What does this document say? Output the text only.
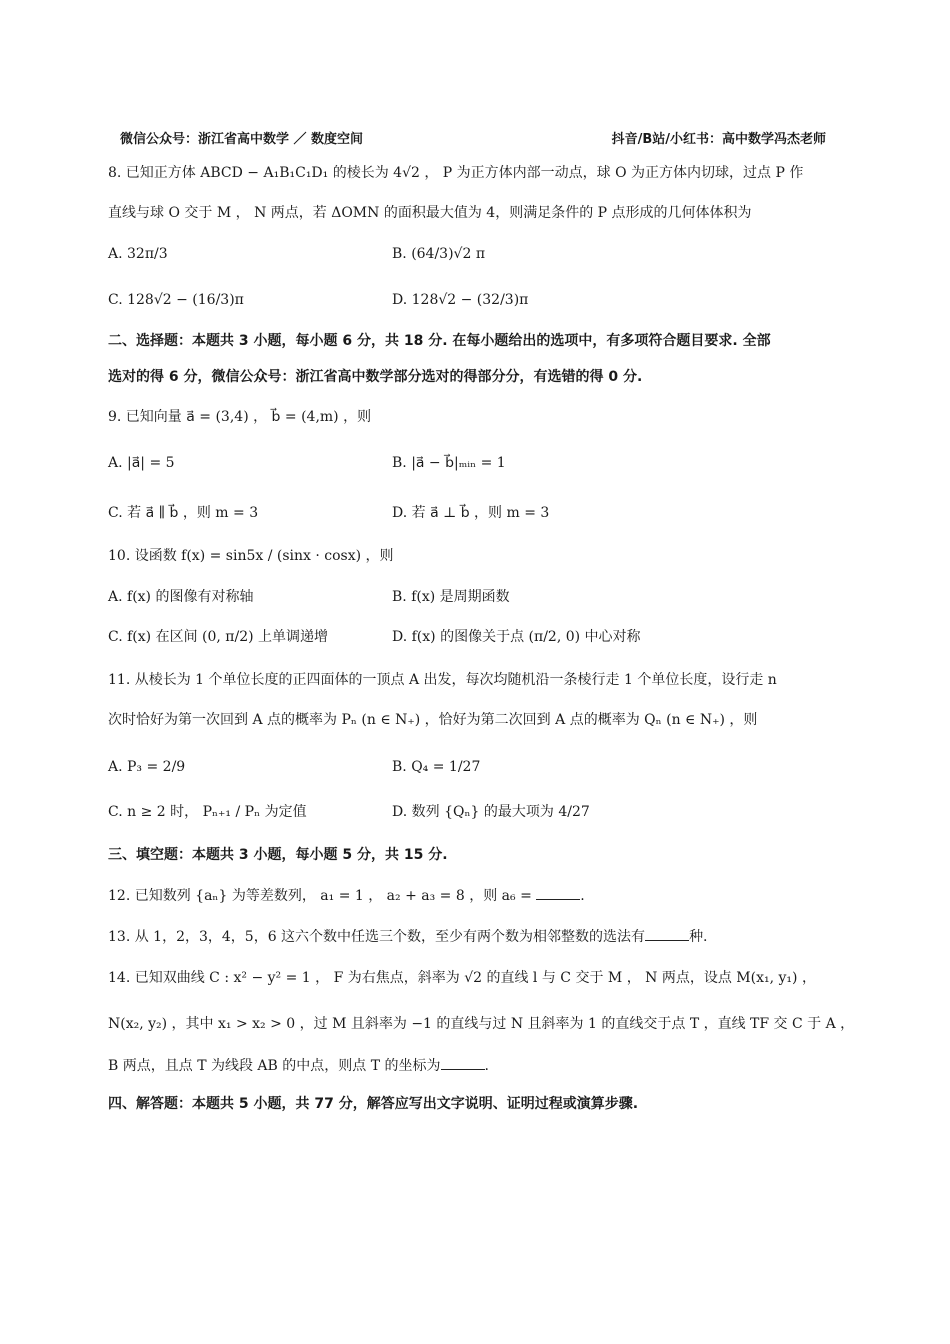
微信公众号：浙江省高中数学 ／ 数度空间	抖音/B站/小红书：高中数学冯杰老师
8. 已知正方体 ABCD − A₁B₁C₁D₁ 的棱长为 4√2 ， P 为正方体内部一动点，球 O 为正方体内切球，过点 P 作
直线与球 O 交于 M ， N 两点，若 ΔOMN 的面积最大值为 4，则满足条件的 P 点形成的几何体体积为
A. 32π/3	B. (64/3)√2 π
C. 128√2 − (16/3)π	D. 128√2 − (32/3)π
二、选择题：本题共 3 小题，每小题 6 分，共 18 分. 在每小题给出的选项中，有多项符合题目要求. 全部
选对的得 6 分，微信公众号：浙江省高中数学部分选对的得部分分，有选错的得 0 分.
9. 已知向量 a⃗ = (3,4) ， b⃗ = (4,m) ，则
A. |a⃗| = 5	B. |a⃗ − b⃗|ₘᵢₙ = 1
C. 若 a⃗ ∥ b⃗ ，则 m = 3	D. 若 a⃗ ⊥ b⃗ ，则 m = 3
10. 设函数 f(x) = sin5x / (sinx · cosx) ，则
A. f(x) 的图像有对称轴	B. f(x) 是周期函数
C. f(x) 在区间 (0, π/2) 上单调递增	D. f(x) 的图像关于点 (π/2, 0) 中心对称
11. 从棱长为 1 个单位长度的正四面体的一顶点 A 出发，每次均随机沿一条棱行走 1 个单位长度，设行走 n
次时恰好为第一次回到 A 点的概率为 Pₙ (n ∈ N₊) ，恰好为第二次回到 A 点的概率为 Qₙ (n ∈ N₊) ，则
A. P₃ = 2/9	B. Q₄ = 1/27
C. n ≥ 2 时， Pₙ₊₁ / Pₙ 为定值	D. 数列 {Qₙ} 的最大项为 4/27
三、填空题：本题共 3 小题，每小题 5 分，共 15 分.
12. 已知数列 {aₙ} 为等差数列， a₁ = 1 ， a₂ + a₃ = 8 ，则 a₆ =	.
13. 从 1，2，3，4，5，6 这六个数中任选三个数，至少有两个数为相邻整数的选法有	种.
14. 已知双曲线 C : x² − y² = 1 ， F 为右焦点，斜率为 √2 的直线 l 与 C 交于 M ， N 两点，设点 M(x₁, y₁) ，
N(x₂, y₂) ，其中 x₁ > x₂ > 0 ，过 M 且斜率为 −1 的直线与过 N 且斜率为 1 的直线交于点 T ，直线 TF 交 C 于 A ，
B 两点，且点 T 为线段 AB 的中点，则点 T 的坐标为	.
四、解答题：本题共 5 小题，共 77 分，解答应写出文字说明、证明过程或演算步骤.
